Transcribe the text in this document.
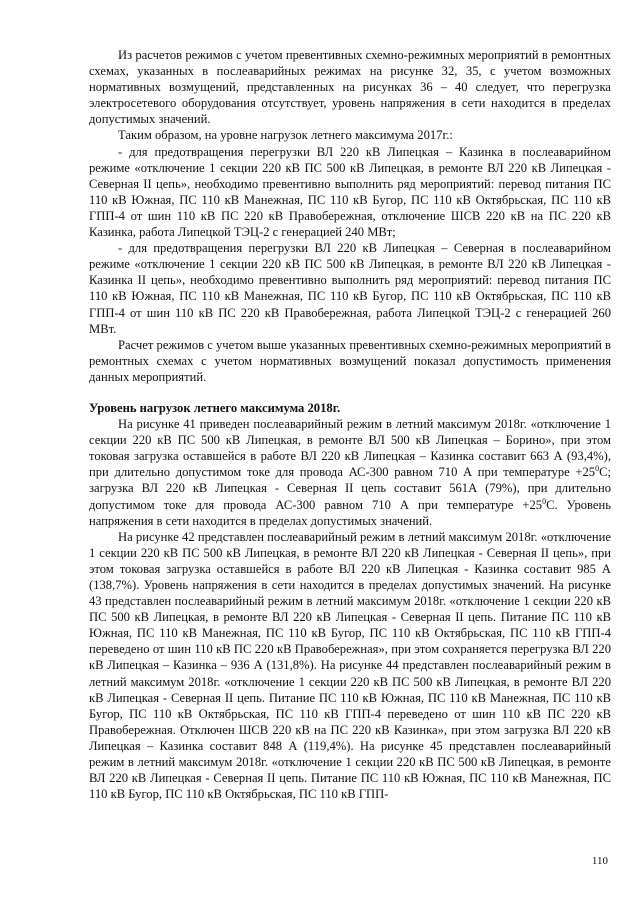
Из расчетов режимов с учетом превентивных схемно-режимных мероприятий в ремонтных схемах, указанных в послеаварийных режимах на рисунке 32, 35, с учетом возможных нормативных возмущений, представленных на рисунках 36 – 40 следует, что перегрузка электросетевого оборудования отсутствует, уровень напряжения в сети находится в пределах допустимых значений.

Таким образом, на уровне нагрузок летнего максимума 2017г.:

- для предотвращения перегрузки ВЛ 220 кВ Липецкая – Казинка в послеаварийном режиме «отключение 1 секции 220 кВ ПС 500 кВ Липецкая, в ремонте ВЛ 220 кВ Липецкая - Северная II цепь», необходимо превентивно выполнить ряд мероприятий: перевод питания ПС 110 кВ Южная, ПС 110 кВ Манежная, ПС 110 кВ Бугор, ПС 110 кВ Октябрьская, ПС 110 кВ ГПП-4 от шин 110 кВ ПС 220 кВ Правобережная, отключение ШСВ 220 кВ на ПС 220 кВ Казинка, работа Липецкой ТЭЦ-2 с генерацией 240 МВт;

- для предотвращения перегрузки ВЛ 220 кВ Липецкая – Северная в послеаварийном режиме «отключение 1 секции 220 кВ ПС 500 кВ Липецкая, в ремонте ВЛ 220 кВ Липецкая - Казинка II цепь», необходимо превентивно выполнить ряд мероприятий: перевод питания ПС 110 кВ Южная, ПС 110 кВ Манежная, ПС 110 кВ Бугор, ПС 110 кВ Октябрьская, ПС 110 кВ ГПП-4 от шин 110 кВ ПС 220 кВ Правобережная, работа Липецкой ТЭЦ-2 с генерацией 260 МВт.

Расчет режимов с учетом выше указанных превентивных схемно-режимных мероприятий в ремонтных схемах с учетом нормативных возмущений показал допустимость применения данных мероприятий.

Уровень нагрузок летнего максимума 2018г.

На рисунке 41 приведен послеаварийный режим в летний максимум 2018г. «отключение 1 секции 220 кВ ПС 500 кВ Липецкая, в ремонте ВЛ 500 кВ Липецкая – Борино», при этом токовая загрузка оставшейся в работе ВЛ 220 кВ Липецкая – Казинка составит 663 А (93,4%), при длительно допустимом токе для провода АС-300 равном 710 А при температуре $+25^0С$; загрузка ВЛ 220 кВ Липецкая - Северная II цепь составит 561А (79%), при длительно допустимом токе для провода АС-300 равном 710 А при температуре $+25^0С$. Уровень напряжения в сети находится в пределах допустимых значений.

На рисунке 42 представлен послеаварийный режим в летний максимум 2018г. «отключение 1 секции 220 кВ ПС 500 кВ Липецкая, в ремонте ВЛ 220 кВ Липецкая - Северная II цепь», при этом токовая загрузка оставшейся в работе ВЛ 220 кВ Липецкая - Казинка составит 985 А (138,7%). Уровень напряжения в сети находится в пределах допустимых значений. На рисунке 43 представлен послеаварийный режим в летний максимум 2018г. «отключение 1 секции 220 кВ ПС 500 кВ Липецкая, в ремонте ВЛ 220 кВ Липецкая - Северная II цепь. Питание ПС 110 кВ Южная, ПС 110 кВ Манежная, ПС 110 кВ Бугор, ПС 110 кВ Октябрьская, ПС 110 кВ ГПП-4 переведено от шин 110 кВ ПС 220 кВ Правобережная», при этом сохраняется перегрузка ВЛ 220 кВ Липецкая – Казинка – 936 А (131,8%). На рисунке 44 представлен послеаварийный режим в летний максимум 2018г. «отключение 1 секции 220 кВ ПС 500 кВ Липецкая, в ремонте ВЛ 220 кВ Липецкая - Северная II цепь. Питание ПС 110 кВ Южная, ПС 110 кВ Манежная, ПС 110 кВ Бугор, ПС 110 кВ Октябрьская, ПС 110 кВ ГПП-4 переведено от шин 110 кВ ПС 220 кВ Правобережная. Отключен ШСВ 220 кВ на ПС 220 кВ Казинка», при этом загрузка ВЛ 220 кВ Липецкая – Казинка составит 848 А (119,4%). На рисунке 45 представлен послеаварийный режим в летний максимум 2018г. «отключение 1 секции 220 кВ ПС 500 кВ Липецкая, в ремонте ВЛ 220 кВ Липецкая - Северная II цепь. Питание ПС 110 кВ Южная, ПС 110 кВ Манежная, ПС 110 кВ Бугор, ПС 110 кВ Октябрьская, ПС 110 кВ ГПП-

110
